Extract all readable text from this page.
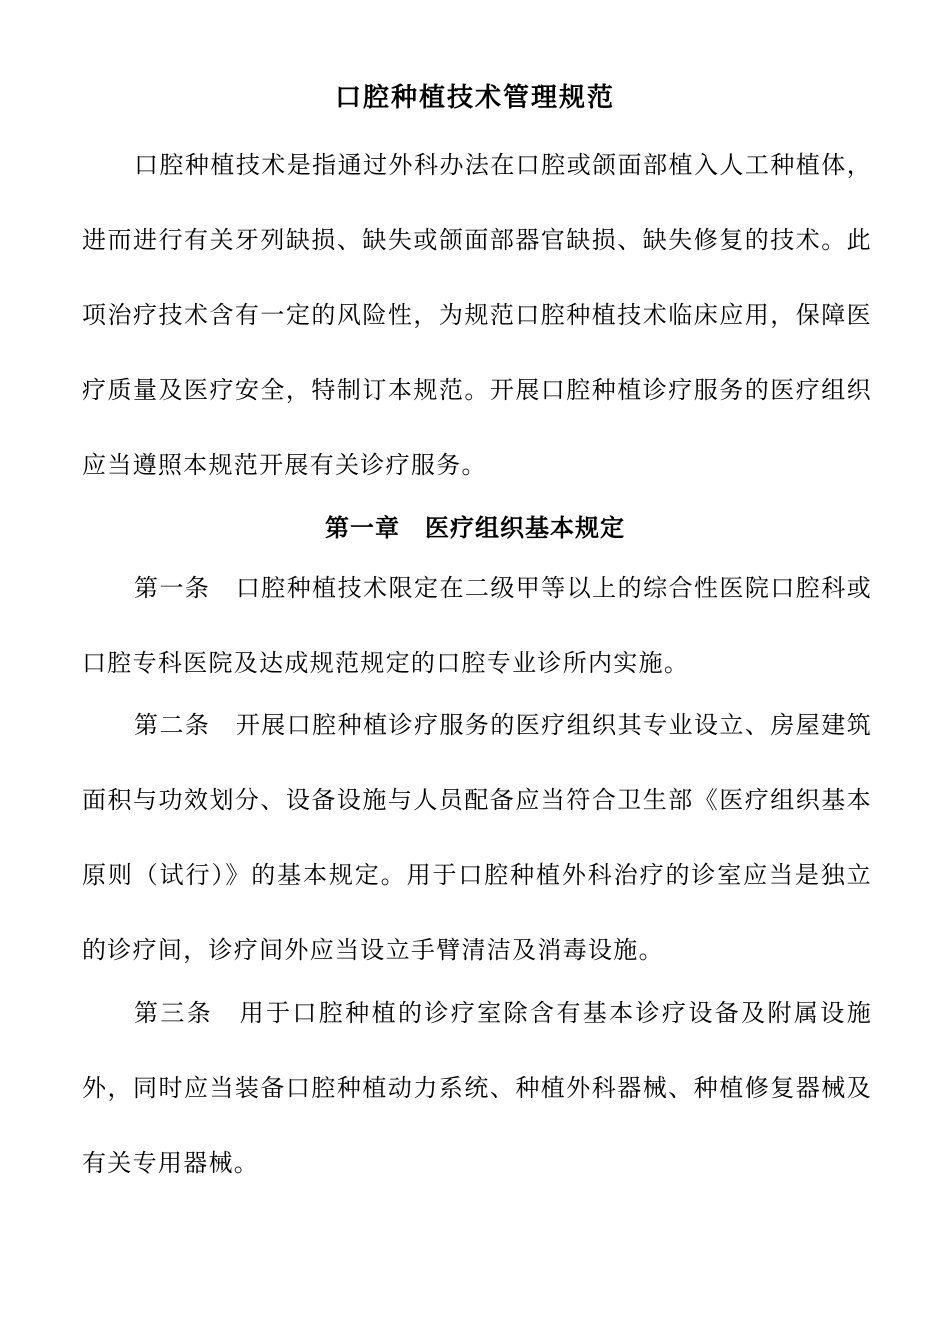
口腔种植技术管理规范
口腔种植技术是指通过外科办法在口腔或颌面部植入人工种植体，进而进行有关牙列缺损、缺失或颌面部器官缺损、缺失修复的技术。此项治疗技术含有一定的风险性，为规范口腔种植技术临床应用，保障医疗质量及医疗安全，特制订本规范。开展口腔种植诊疗服务的医疗组织应当遵照本规范开展有关诊疗服务。
第一章　医疗组织基本规定
第一条　口腔种植技术限定在二级甲等以上的综合性医院口腔科或口腔专科医院及达成规范规定的口腔专业诊所内实施。
第二条　开展口腔种植诊疗服务的医疗组织其专业设立、房屋建筑面积与功效划分、设备设施与人员配备应当符合卫生部《医疗组织基本原则（试行）》的基本规定。用于口腔种植外科治疗的诊室应当是独立的诊疗间，诊疗间外应当设立手臂清洁及消毒设施。
第三条　用于口腔种植的诊疗室除含有基本诊疗设备及附属设施外，同时应当装备口腔种植动力系统、种植外科器械、种植修复器械及有关专用器械。
